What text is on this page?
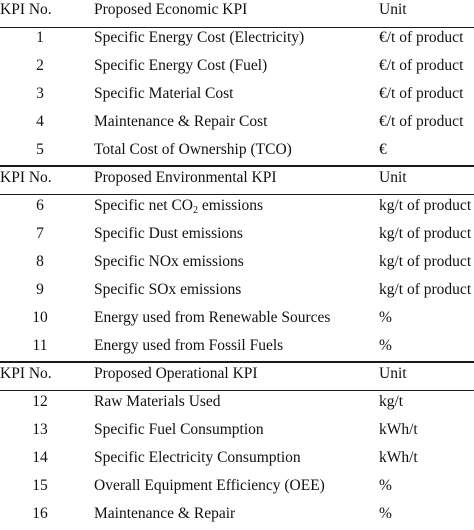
KPI No.	Proposed Economic KPI	Unit
1	Specific Energy Cost (Electricity)	€/t of product
2	Specific Energy Cost (Fuel)	€/t of product
3	Specific Material Cost	€/t of product
4	Maintenance & Repair Cost	€/t of product
5	Total Cost of Ownership (TCO)	€
KPI No.	Proposed Environmental KPI	Unit
6	Specific net $CO_2$ emissions	kg/t of product
7	Specific Dust emissions	kg/t of product
8	Specific NOx emissions	kg/t of product
9	Specific SOx emissions	kg/t of product
10	Energy used from Renewable Sources	%
11	Energy used from Fossil Fuels	%
KPI No.	Proposed Operational KPI	Unit
12	Raw Materials Used	kg/t
13	Specific Fuel Consumption	kWh/t
14	Specific Electricity Consumption	kWh/t
15	Overall Equipment Efficiency (OEE)	%
16	Maintenance & Repair	%
